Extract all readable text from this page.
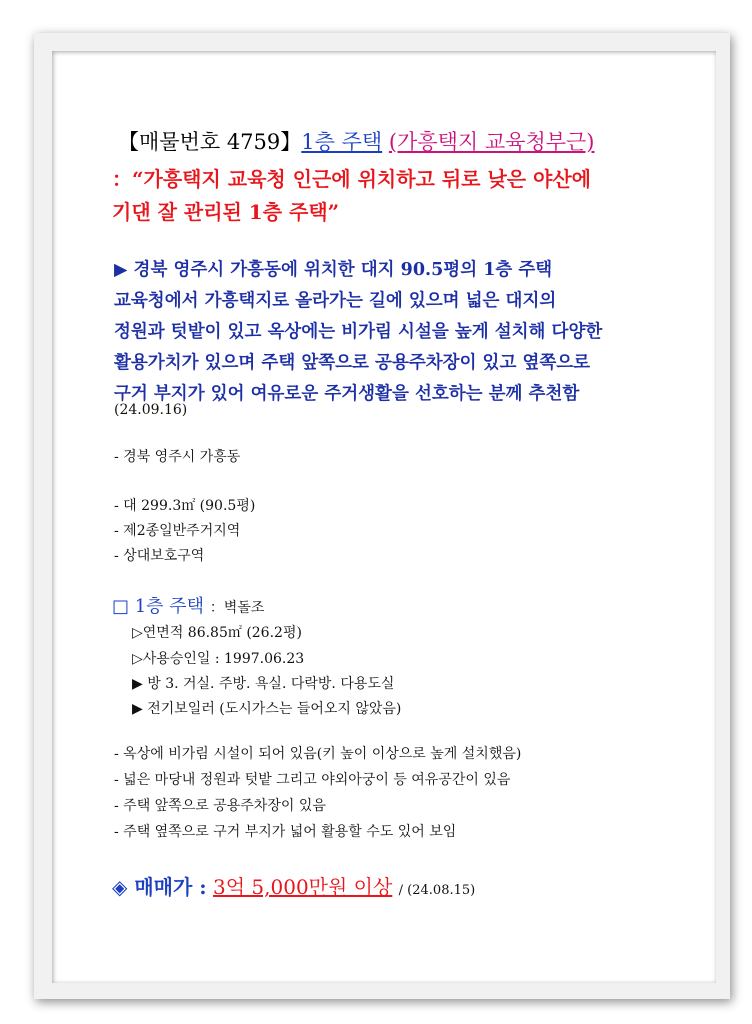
【매물번호 4759】1층 주택 (가흥택지 교육청부근)
：“가흥택지 교육청 인근에 위치하고 뒤로 낮은 야산에
기댄 잘 관리된 1층 주택”
▶ 경북 영주시 가흥동에 위치한 대지 90.5평의 1층 주택
교육청에서 가흥택지로 올라가는 길에 있으며 넓은 대지의
정원과 텃밭이 있고 옥상에는 비가림 시설을 높게 설치해 다양한
활용가치가 있으며 주택 앞쪽으로 공용주차장이 있고 옆쪽으로
구거 부지가 있어 여유로운 주거생활을 선호하는 분께 추천함
(24.09.16)
- 경북 영주시 가흥동
- 대 299.3㎡ (90.5평)
- 제2종일반주거지역
- 상대보호구역
□ 1층 주택 ：벽돌조
▷연면적 86.85㎡ (26.2평)
▷사용승인일 : 1997.06.23
▶ 방 3. 거실. 주방. 욕실. 다락방. 다용도실
▶ 전기보일러 (도시가스는 들어오지 않았음)
- 옥상에 비가림 시설이 되어 있음(키 높이 이상으로 높게 설치했음)
- 넓은 마당내 정원과 텃밭 그리고 야외아궁이 등 여유공간이 있음
- 주택 앞쪽으로 공용주차장이 있음
- 주택 옆쪽으로 구거 부지가 넓어 활용할 수도 있어 보임
◈ 매매가 : 3억 5,000만원 이상 / (24.08.15)
